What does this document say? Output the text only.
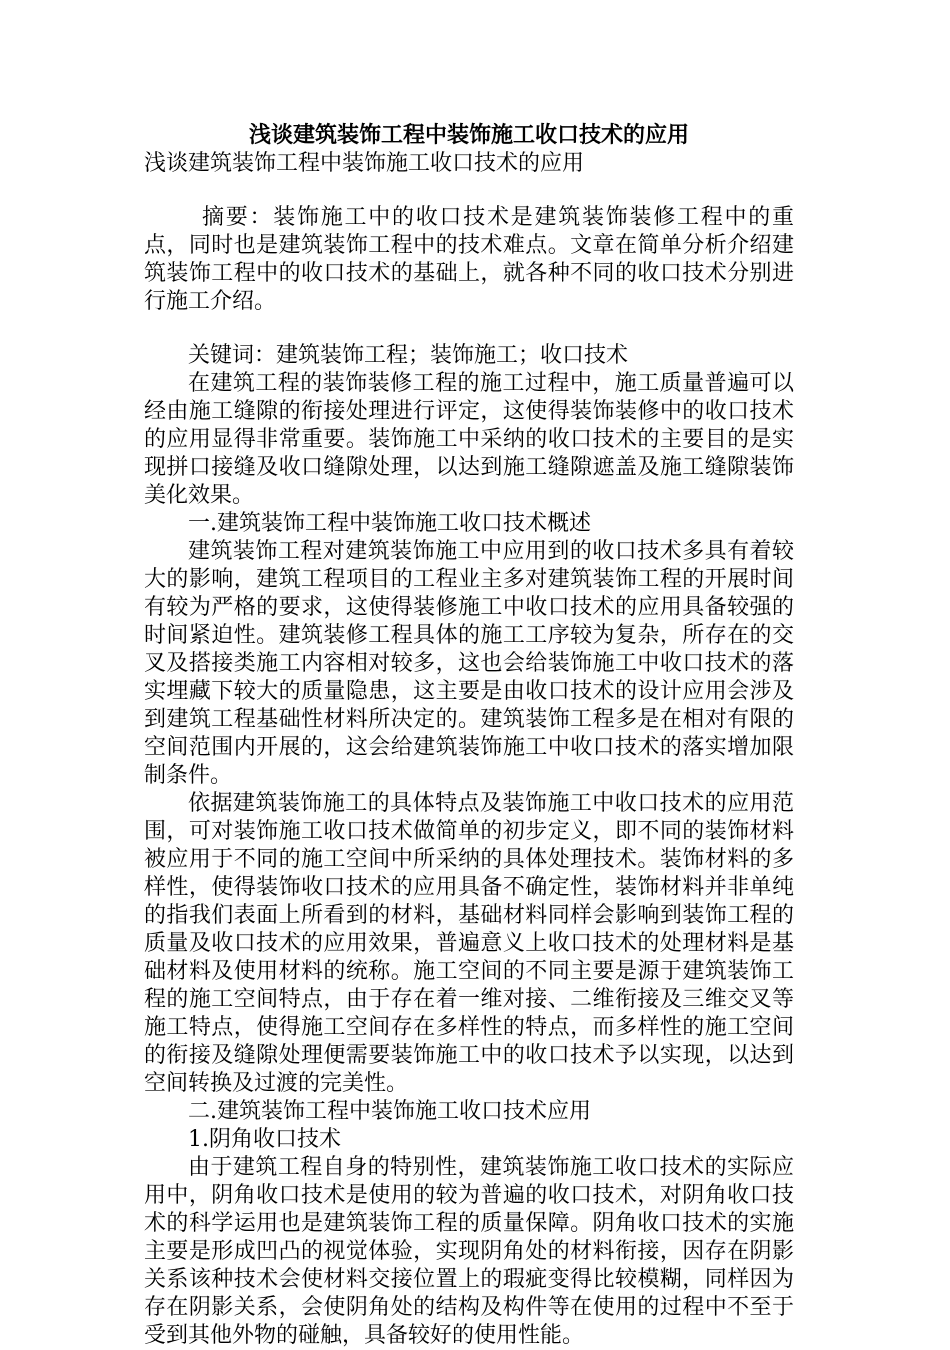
浅谈建筑装饰工程中装饰施工收口技术的应用

浅谈建筑装饰工程中装饰施工收口技术的应用

摘要：装饰施工中的收口技术是建筑装饰装修工程中的重点，同时也是建筑装饰工程中的技术难点。文章在简单分析介绍建筑装饰工程中的收口技术的基础上，就各种不同的收口技术分别进行施工介绍。

关键词：建筑装饰工程；装饰施工；收口技术

在建筑工程的装饰装修工程的施工过程中，施工质量普遍可以经由施工缝隙的衔接处理进行评定，这使得装饰装修中的收口技术的应用显得非常重要。装饰施工中采纳的收口技术的主要目的是实现拼口接缝及收口缝隙处理，以达到施工缝隙遮盖及施工缝隙装饰美化效果。

一.建筑装饰工程中装饰施工收口技术概述

建筑装饰工程对建筑装饰施工中应用到的收口技术多具有着较大的影响，建筑工程项目的工程业主多对建筑装饰工程的开展时间有较为严格的要求，这使得装修施工中收口技术的应用具备较强的时间紧迫性。建筑装修工程具体的施工工序较为复杂，所存在的交叉及搭接类施工内容相对较多，这也会给装饰施工中收口技术的落实埋藏下较大的质量隐患，这主要是由收口技术的设计应用会涉及到建筑工程基础性材料所决定的。建筑装饰工程多是在相对有限的空间范围内开展的，这会给建筑装饰施工中收口技术的落实增加限制条件。

依据建筑装饰施工的具体特点及装饰施工中收口技术的应用范围，可对装饰施工收口技术做简单的初步定义，即不同的装饰材料被应用于不同的施工空间中所采纳的具体处理技术。装饰材料的多样性，使得装饰收口技术的应用具备不确定性，装饰材料并非单纯的指我们表面上所看到的材料，基础材料同样会影响到装饰工程的质量及收口技术的应用效果，普遍意义上收口技术的处理材料是基础材料及使用材料的统称。施工空间的不同主要是源于建筑装饰工程的施工空间特点，由于存在着一维对接、二维衔接及三维交叉等施工特点，使得施工空间存在多样性的特点，而多样性的施工空间的衔接及缝隙处理便需要装饰施工中的收口技术予以实现，以达到空间转换及过渡的完美性。

二.建筑装饰工程中装饰施工收口技术应用

1.阴角收口技术

由于建筑工程自身的特别性，建筑装饰施工收口技术的实际应用中，阴角收口技术是使用的较为普遍的收口技术，对阴角收口技术的科学运用也是建筑装饰工程的质量保障。阴角收口技术的实施主要是形成凹凸的视觉体验，实现阴角处的材料衔接，因存在阴影关系该种技术会使材料交接位置上的瑕疵变得比较模糊，同样因为存在阴影关系，会使阴角处的结构及构件等在使用的过程中不至于受到其他外物的碰触，具备较好的使用性能。
